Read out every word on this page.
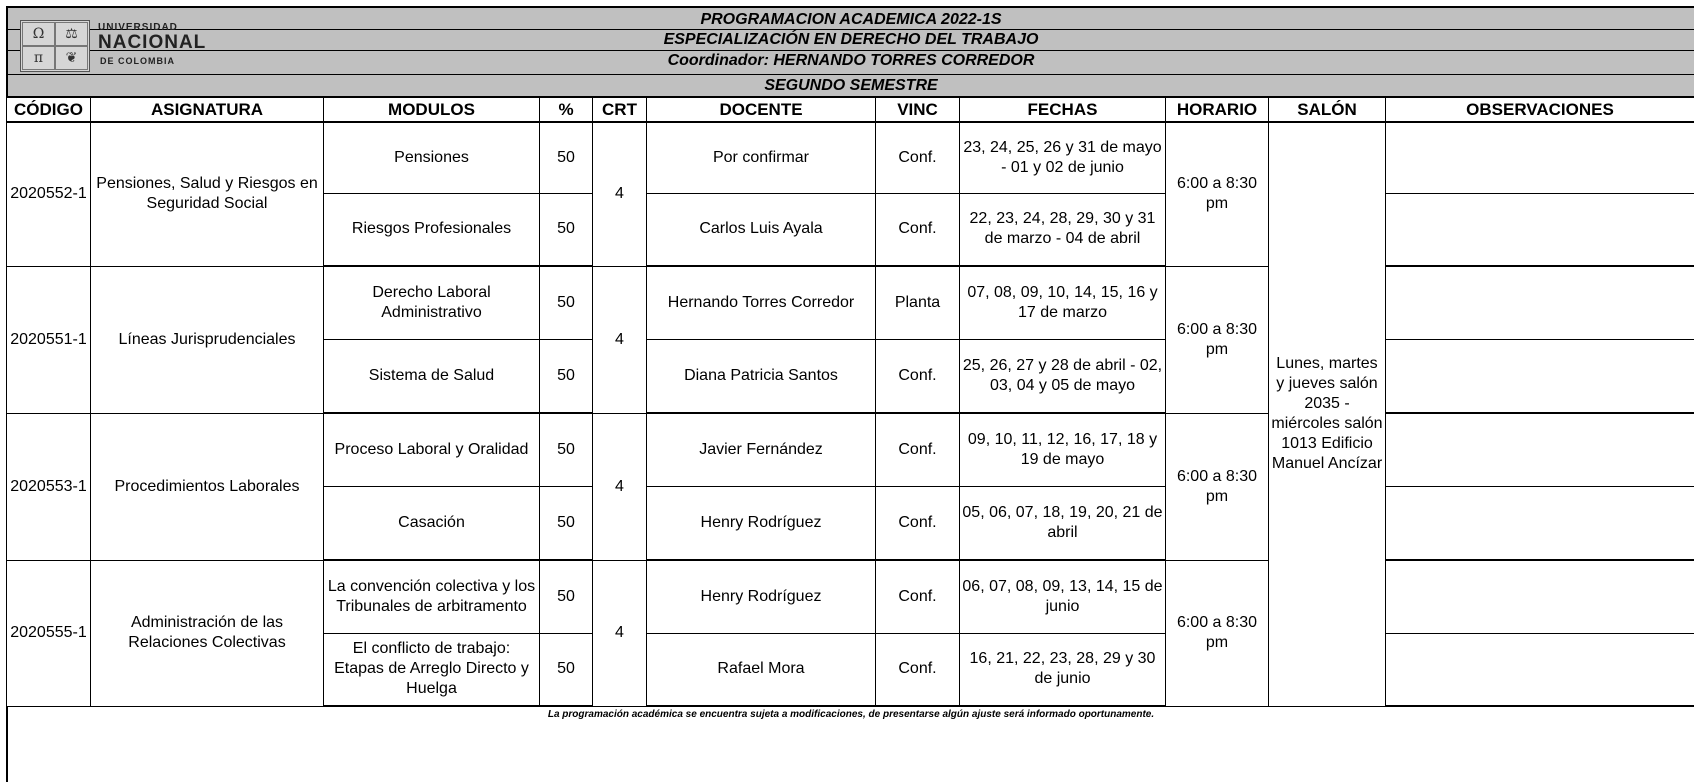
PROGRAMACION ACADEMICA 2022-1S
ESPECIALIZACIÓN EN DERECHO DEL TRABAJO
Coordinador: HERNANDO TORRES CORREDOR
SEGUNDO SEMESTRE
Ω	⚖
π	❦
UNIVERSIDAD
NACIONAL
DE COLOMBIA
CÓDIGO	ASIGNATURA	MODULOS	%	CRT	DOCENTE	VINC	FECHAS	HORARIO	SALÓN	OBSERVACIONES
2020552-1	Pensiones, Salud y Riesgos en Seguridad Social	Pensiones	50	4	Por confirmar	Conf.	23, 24, 25, 26 y 31 de mayo - 01 y 02 de junio	6:00 a 8:30 pm	Lunes, martes y jueves salón 2035 - miércoles salón 1013 Edificio Manuel Ancízar	
		Riesgos Profesionales	50		Carlos Luis Ayala	Conf.	22, 23, 24, 28, 29, 30 y 31 de marzo - 04 de abril			
2020551-1	Líneas Jurisprudenciales	Derecho Laboral Administrativo	50	4	Hernando Torres Corredor	Planta	07, 08, 09, 10, 14, 15, 16 y 17 de marzo	6:00 a 8:30 pm		
		Sistema de Salud	50		Diana Patricia Santos	Conf.	25, 26, 27 y 28 de abril - 02, 03, 04 y 05 de mayo			
2020553-1	Procedimientos Laborales	Proceso Laboral y Oralidad	50	4	Javier Fernández	Conf.	09, 10, 11, 12, 16, 17, 18 y 19 de mayo	6:00 a 8:30 pm		
		Casación	50		Henry Rodríguez	Conf.	05, 06, 07, 18, 19, 20, 21 de abril			
2020555-1	Administración de las Relaciones Colectivas	La convención colectiva y los Tribunales de arbitramento	50	4	Henry Rodríguez	Conf.	06, 07, 08, 09, 13, 14, 15 de junio	6:00 a 8:30 pm		
		El conflicto de trabajo: Etapas de Arreglo Directo y Huelga	50		Rafael Mora	Conf.	16, 21, 22, 23, 28, 29 y 30 de junio			
La programación académica se encuentra sujeta a modificaciones, de presentarse algún ajuste será informado oportunamente.
